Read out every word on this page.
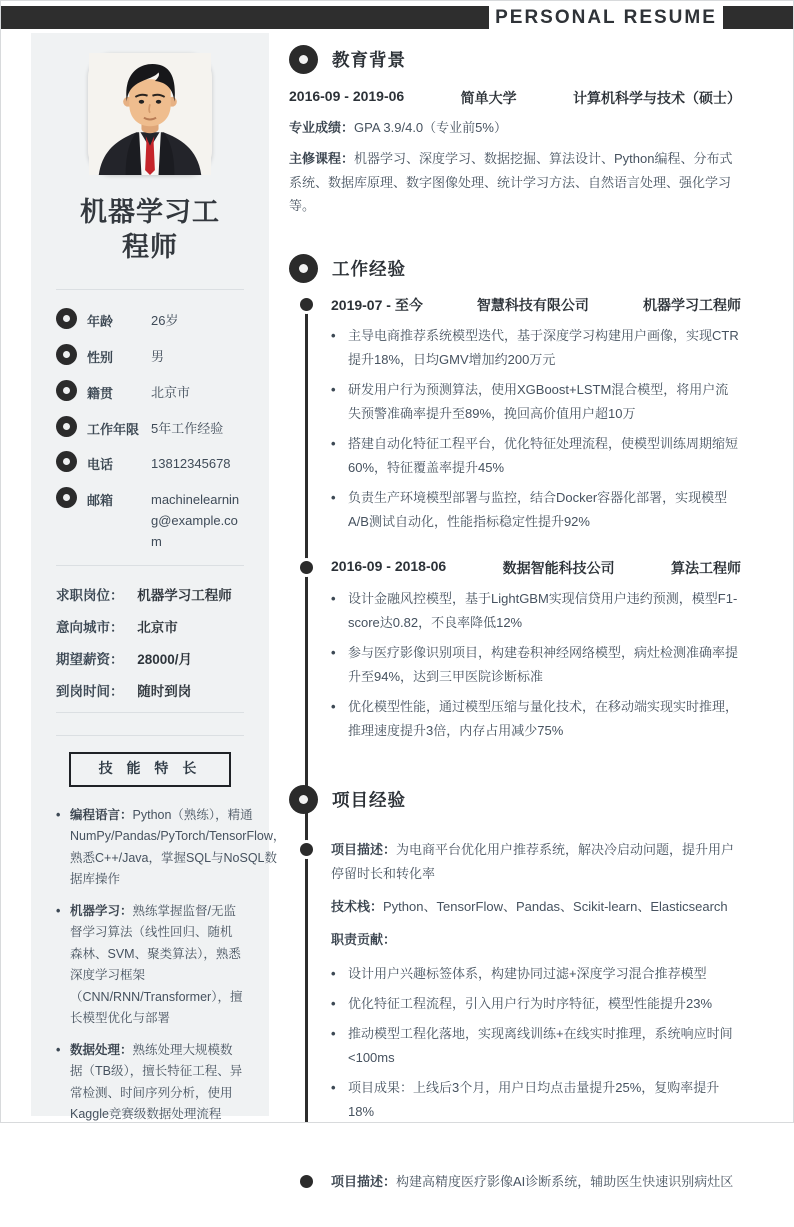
PERSONAL RESUME
机器学习工程师
年龄	26岁
性别	男
籍贯	北京市
工作年限 5年工作经验
电话	13812345678
邮箱	machinelearning@example.com
求职岗位： 机器学习工程师
意向城市： 北京市
期望薪资： 28000/月
到岗时间： 随时到岗
技 能 特 长
• 编程语言：Python（熟练），精通NumPy/Pandas/PyTorch/TensorFlow，熟悉C++/Java，掌握SQL与NoSQL数据库操作
• 机器学习：熟练掌握监督/无监督学习算法（线性回归、随机森林、SVM、聚类算法），熟悉深度学习框架（CNN/RNN/Transformer），擅长模型优化与部署
• 数据处理：熟练处理大规模数据（TB级），擅长特征工程、异常检测、时间序列分析，使用Kaggle竞赛级数据处理流程
教育背景
2016-09 - 2019-06	简单大学	计算机科学与技术（硕士）

专业成绩：GPA 3.9/4.0（专业前5%）

主修课程：机器学习、深度学习、数据挖掘、算法设计、Python编程、分布式系统、数据库原理、数字图像处理、统计学习方法、自然语言处理、强化学习等。

工作经验
2019-07 - 至今	智慧科技有限公司	机器学习工程师
• 主导电商推荐系统模型迭代，基于深度学习构建用户画像，实现CTR提升18%，日均GMV增加约200万元
• 研发用户行为预测算法，使用XGBoost+LSTM混合模型，将用户流失预警准确率提升至89%，挽回高价值用户超10万
• 搭建自动化特征工程平台，优化特征处理流程，使模型训练周期缩短60%，特征覆盖率提升45%
• 负责生产环境模型部署与监控，结合Docker容器化部署，实现模型A/B测试自动化，性能指标稳定性提升92%
2016-09 - 2018-06	数据智能科技公司	算法工程师
• 设计金融风控模型，基于LightGBM实现信贷用户违约预测，模型F1-score达0.82，不良率降低12%
• 参与医疗影像识别项目，构建卷积神经网络模型，病灶检测准确率提升至94%，达到三甲医院诊断标准
• 优化模型性能，通过模型压缩与量化技术，在移动端实现实时推理，推理速度提升3倍，内存占用减少75%
项目经验

项目描述：为电商平台优化用户推荐系统，解决冷启动问题，提升用户停留时长和转化率

技术栈：Python、TensorFlow、Pandas、Scikit-learn、Elasticsearch

职责贡献：

• 设计用户兴趣标签体系，构建协同过滤+深度学习混合推荐模型
• 优化特征工程流程，引入用户行为时序特征，模型性能提升23%
• 推动模型工程化落地，实现离线训练+在线实时推理，系统响应时间<100ms
• 项目成果：上线后3个月，用户日均点击量提升25%，复购率提升18%

项目描述：构建高精度医疗影像AI诊断系统，辅助医生快速识别病灶区
